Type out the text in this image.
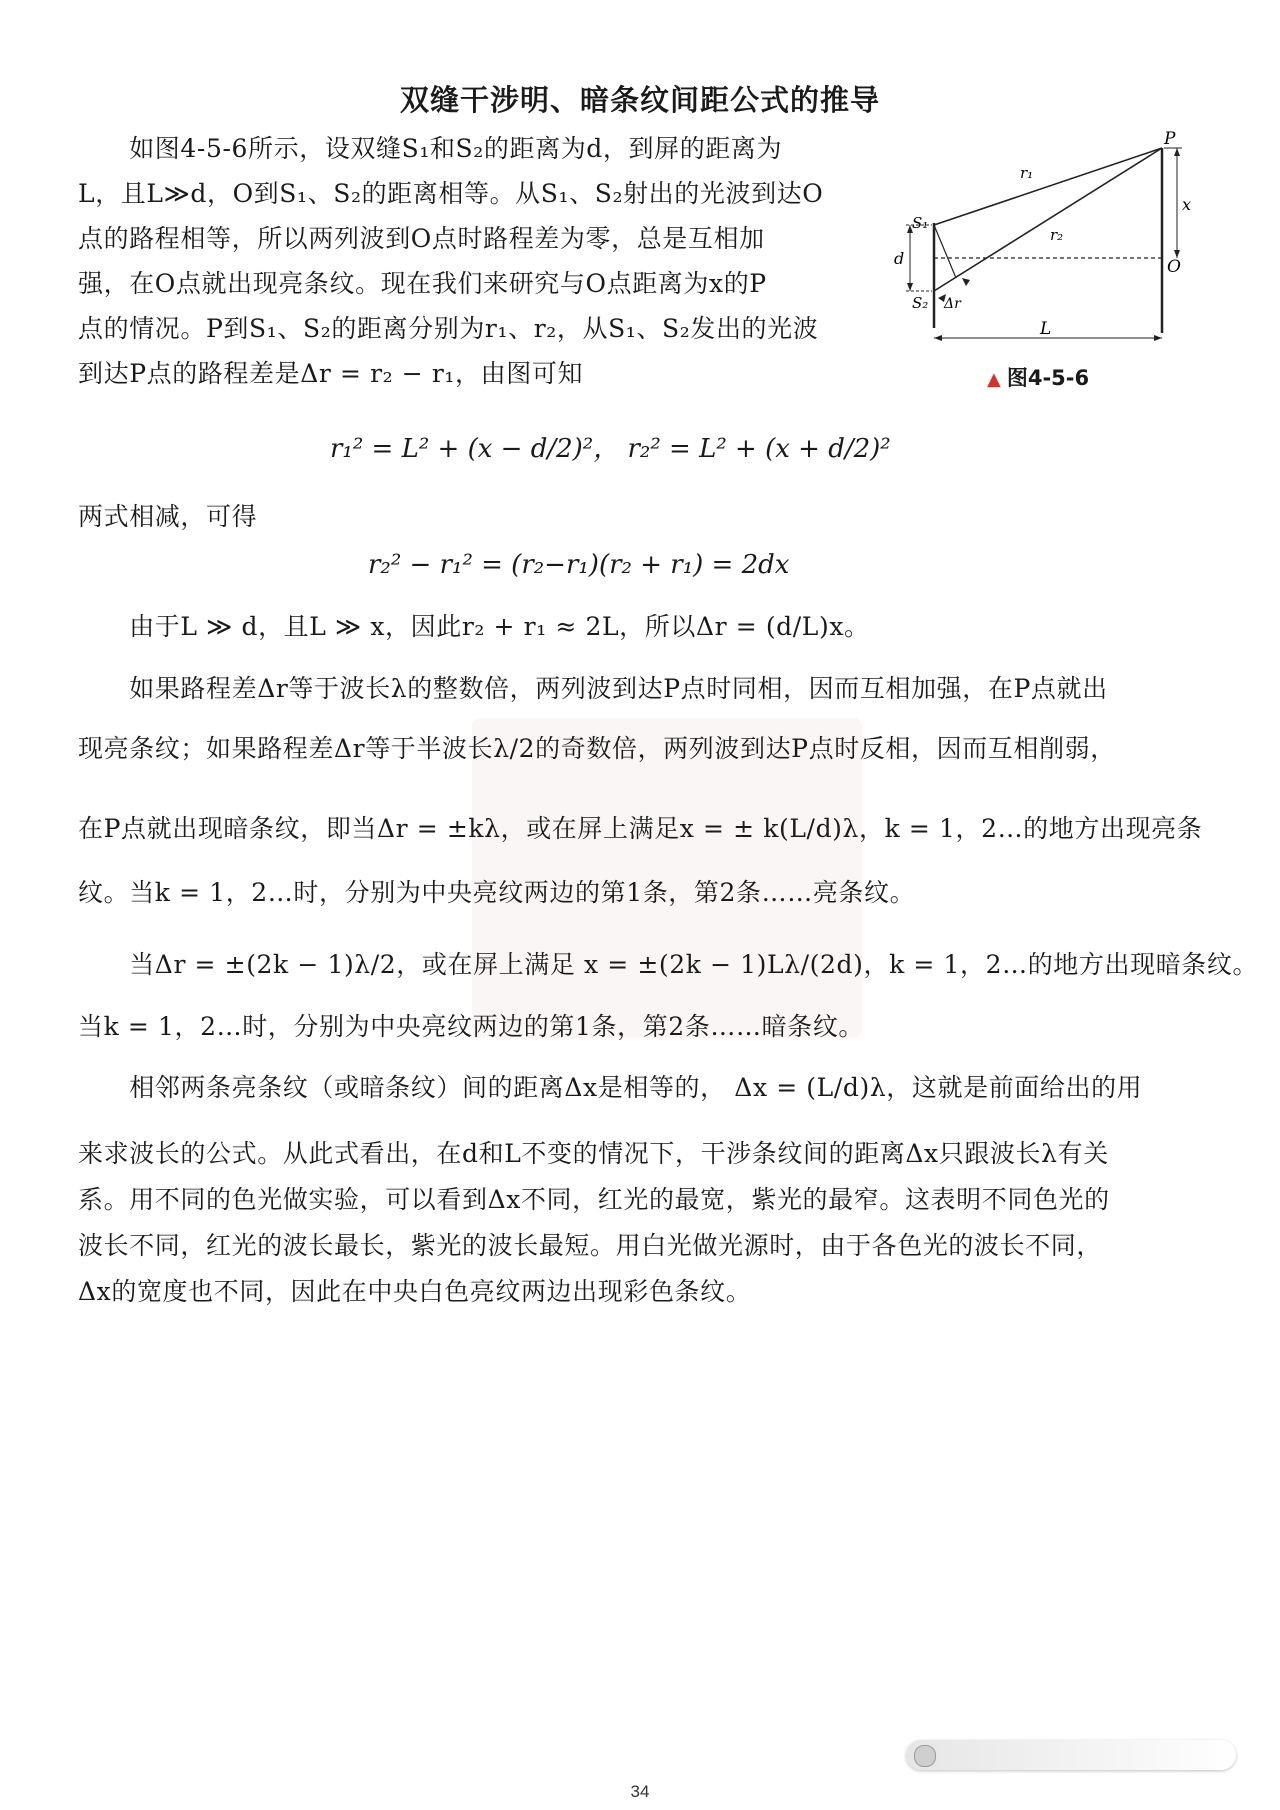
双缝干涉明、暗条纹间距公式的推导
　　如图4-5-6所示，设双缝S₁和S₂的距离为d，到屏的距离为
L，且L≫d，O到S₁、S₂的距离相等。从S₁、S₂射出的光波到达O
点的路程相等，所以两列波到O点时路程差为零，总是互相加
强，在O点就出现亮条纹。现在我们来研究与O点距离为x的P
点的情况。P到S₁、S₂的距离分别为r₁、r₂，从S₁、S₂发出的光波
到达P点的路程差是Δr = r₂ − r₁，由图可知
P
O
x
r₁
r₂
S₁
S₂
d
Δr
L
▲ 图4-5-6
r₁² = L² + (x − d/2)²， r₂² = L² + (x + d/2)²
两式相减，可得
r₂² − r₁² = (r₂−r₁)(r₂ + r₁) = 2dx
　　由于L ≫ d，且L ≫ x，因此r₂ + r₁ ≈ 2L，所以Δr = (d/L)x。
　　如果路程差Δr等于波长λ的整数倍，两列波到达P点时同相，因而互相加强，在P点就出
现亮条纹；如果路程差Δr等于半波长λ/2的奇数倍，两列波到达P点时反相，因而互相削弱，
在P点就出现暗条纹，即当Δr = ±kλ，或在屏上满足x = ± k(L/d)λ，k = 1，2…的地方出现亮条
纹。当k = 1，2…时，分别为中央亮纹两边的第1条，第2条……亮条纹。
　　当Δr = ±(2k − 1)λ/2，或在屏上满足 x = ±(2k − 1)Lλ/(2d)，k = 1，2…的地方出现暗条纹。
当k = 1，2…时，分别为中央亮纹两边的第1条，第2条……暗条纹。
　　相邻两条亮条纹（或暗条纹）间的距离Δx是相等的， Δx = (L/d)λ，这就是前面给出的用
来求波长的公式。从此式看出，在d和L不变的情况下，干涉条纹间的距离Δx只跟波长λ有关
系。用不同的色光做实验，可以看到Δx不同，红光的最宽，紫光的最窄。这表明不同色光的
波长不同，红光的波长最长，紫光的波长最短。用白光做光源时，由于各色光的波长不同，
Δx的宽度也不同，因此在中央白色亮纹两边出现彩色条纹。
34
